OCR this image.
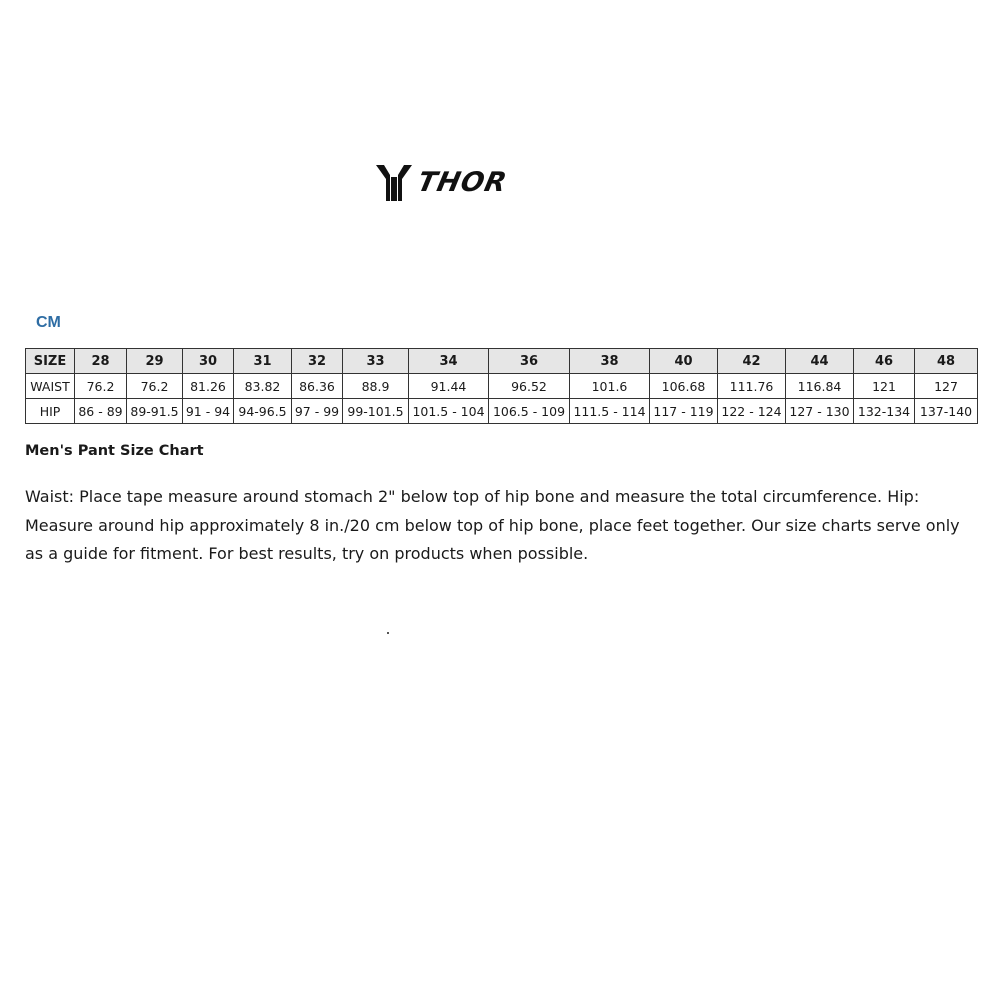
THOR
CM
SIZE	28	29	30	31	32	33	34	36	38	40	42	44	46	48
WAIST	76.2	76.2	81.26	83.82	86.36	88.9	91.44	96.52	101.6	106.68	111.76	116.84	121	127
HIP	86 - 89	89-91.5	91 - 94	94-96.5	97 - 99	99-101.5	101.5 - 104	106.5 - 109	111.5 - 114	117 - 119	122 - 124	127 - 130	132-134	137-140
Men's Pant Size Chart
Waist: Place tape measure around stomach 2" below top of hip bone and measure the total circumference. Hip: Measure around hip approximately 8 in./20 cm below top of hip bone, place feet together. Our size charts serve only as a guide for fitment. For best results, try on products when possible.
